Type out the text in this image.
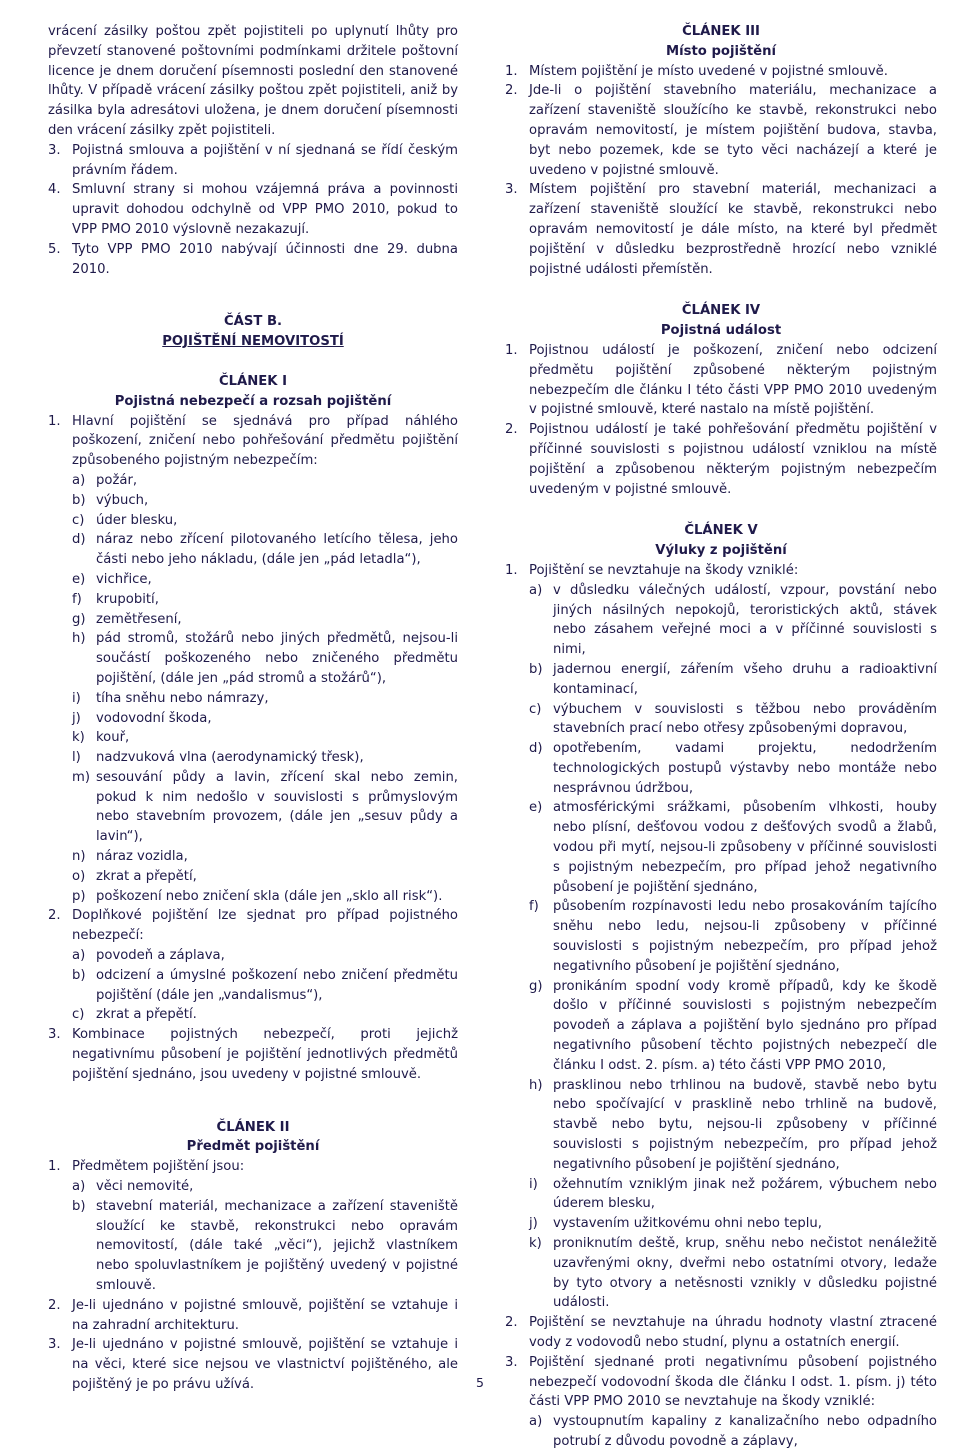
vrácení zásilky poštou zpět pojistiteli po uplynutí lhůty pro převzetí stanovené poštovními podmínkami držitele poštovní licence je dnem doručení písemnosti poslední den stanovené lhůty. V případě vrácení zásilky poštou zpět pojistiteli, aniž by zásilka byla adresátovi uložena, je dnem doručení písemnosti den vrácení zásilky zpět pojistiteli.

3. Pojistná smlouva a pojištění v ní sjednaná se řídí českým právním řádem.
4. Smluvní strany si mohou vzájemná práva a povinnosti upravit dohodou odchylně od VPP PMO 2010, pokud to VPP PMO 2010 výslovně nezakazují.
5. Tyto VPP PMO 2010 nabývají účinnosti dne 29. dubna 2010.

ČÁST B.

POJIŠTĚNÍ NEMOVITOSTÍ

ČLÁNEK I

Pojistná nebezpečí a rozsah pojištění

1. Hlavní pojištění se sjednává pro případ náhlého poškození, zničení nebo pohřešování předmětu pojištění způsobeného pojistným nebezpečím:
a) požár,
b) výbuch,
c) úder blesku,
d) náraz nebo zřícení pilotovaného letícího tělesa, jeho části nebo jeho nákladu, (dále jen „pád letadla“),
e) vichřice,
f)	krupobití,
g) zemětřesení,
h) pád stromů, stožárů nebo jiných předmětů, nejsou-li součástí poškozeného nebo zničeného předmětu pojištění, (dále jen „pád stromů a stožárů“),
i)	tíha sněhu nebo námrazy,
j)	vodovodní škoda,
k) kouř,
l)	nadzvuková vlna (aerodynamický třesk),
m) sesouvání půdy a lavin, zřícení skal nebo zemin, pokud k nim nedošlo v souvislosti s průmyslovým nebo stavebním provozem, (dále jen „sesuv půdy a lavin“),
n) náraz vozidla,
o) zkrat a přepětí,
p) poškození nebo zničení skla (dále jen „sklo all risk“).
2. Doplňkové pojištění lze sjednat pro případ pojistného nebezpečí:
a) povodeň a záplava,
b) odcizení a úmyslné poškození nebo zničení předmětu pojištění (dále jen „vandalismus“),
c) zkrat a přepětí.
3. Kombinace pojistných nebezpečí, proti jejichž negativnímu působení je pojištění jednotlivých předmětů pojištění sjednáno, jsou uvedeny v pojistné smlouvě.

ČLÁNEK II

Předmět pojištění

1. Předmětem pojištění jsou:
a) věci nemovité,
b) stavební materiál, mechanizace a zařízení staveniště sloužící ke stavbě, rekonstrukci nebo opravám nemovitostí, (dále také „věci“), jejichž vlastníkem nebo spoluvlastníkem je pojištěný uvedený v pojistné smlouvě.
2. Je-li ujednáno v pojistné smlouvě, pojištění se vztahuje i na zahradní architekturu.
3. Je-li ujednáno v pojistné smlouvě, pojištění se vztahuje i na věci, které sice nejsou ve vlastnictví pojištěného, ale pojištěný je po právu užívá.

ČLÁNEK III

Místo pojištění

1. Místem pojištění je místo uvedené v pojistné smlouvě.
2. Jde-li o pojištění stavebního materiálu, mechanizace a zařízení staveniště sloužícího ke stavbě, rekonstrukci nebo opravám nemovitostí, je místem pojištění budova, stavba, byt nebo pozemek, kde se tyto věci nacházejí a které je uvedeno v pojistné smlouvě.
3. Místem pojištění pro stavební materiál, mechanizaci a zařízení staveniště sloužící ke stavbě, rekonstrukci nebo opravám nemovitostí je dále místo, na které byl předmět pojištění v důsledku bezprostředně hrozící nebo vzniklé pojistné události přemístěn.

ČLÁNEK IV

Pojistná událost

1. Pojistnou událostí je poškození, zničení nebo odcizení předmětu pojištění způsobené některým pojistným nebezpečím dle článku I této části VPP PMO 2010 uvedeným v pojistné smlouvě, které nastalo na místě pojištění.
2. Pojistnou událostí je také pohřešování předmětu pojištění v příčinné souvislosti s pojistnou událostí vzniklou na místě pojištění a způsobenou některým pojistným nebezpečím uvedeným v pojistné smlouvě.

ČLÁNEK V

Výluky z pojištění

1. Pojištění se nevztahuje na škody vzniklé:
a) v důsledku válečných událostí, vzpour, povstání nebo jiných násilných nepokojů, teroristických aktů, stávek nebo zásahem veřejné moci a v příčinné souvislosti s nimi,
b) jadernou energií, zářením všeho druhu a radioaktivní kontaminací,
c) výbuchem v souvislosti s těžbou nebo prováděním stavebních prací nebo otřesy způsobenými dopravou,
d) opotřebením, vadami projektu, nedodržením technologických postupů výstavby nebo montáže nebo nesprávnou údržbou,
e) atmosférickými srážkami, působením vlhkosti, houby nebo plísní, dešťovou vodou z dešťových svodů a žlabů, vodou při mytí, nejsou-li způsobeny v příčinné souvislosti s pojistným nebezpečím, pro případ jehož negativního působení je pojištění sjednáno,
f)	působením rozpínavosti ledu nebo prosakováním tajícího sněhu nebo ledu, nejsou-li způsobeny v příčinné souvislosti s pojistným nebezpečím, pro případ jehož negativního působení je pojištění sjednáno,
g) pronikáním spodní vody kromě případů, kdy ke škodě došlo v příčinné souvislosti s pojistným nebezpečím povodeň a záplava a pojištění bylo sjednáno pro případ negativního působení těchto pojistných nebezpečí dle článku I odst. 2. písm. a) této části VPP PMO 2010,
h) prasklinou nebo trhlinou na budově, stavbě nebo bytu nebo spočívající v prasklině nebo trhlině na budově, stavbě nebo bytu, nejsou-li způsobeny v příčinné souvislosti s pojistným nebezpečím, pro případ jehož negativního působení je pojištění sjednáno,
i)	ožehnutím vzniklým jinak než požárem, výbuchem nebo úderem blesku,
j)	vystavením užitkovému ohni nebo teplu,
k) proniknutím deště, krup, sněhu nebo nečistot nenáležitě uzavřenými okny, dveřmi nebo ostatními otvory, ledaže by tyto otvory a netěsnosti vznikly v důsledku pojistné události.
2. Pojištění se nevztahuje na úhradu hodnoty vlastní ztracené vody z vodovodů nebo studní, plynu a ostatních energií.
3. Pojištění sjednané proti negativnímu působení pojistného nebezpečí vodovodní škoda dle článku I odst. 1. písm. j) této části VPP PMO 2010 se nevztahuje na škody vzniklé:
a) vystoupnutím kapaliny z kanalizačního nebo odpadního potrubí z důvodu povodně a záplavy,
5
